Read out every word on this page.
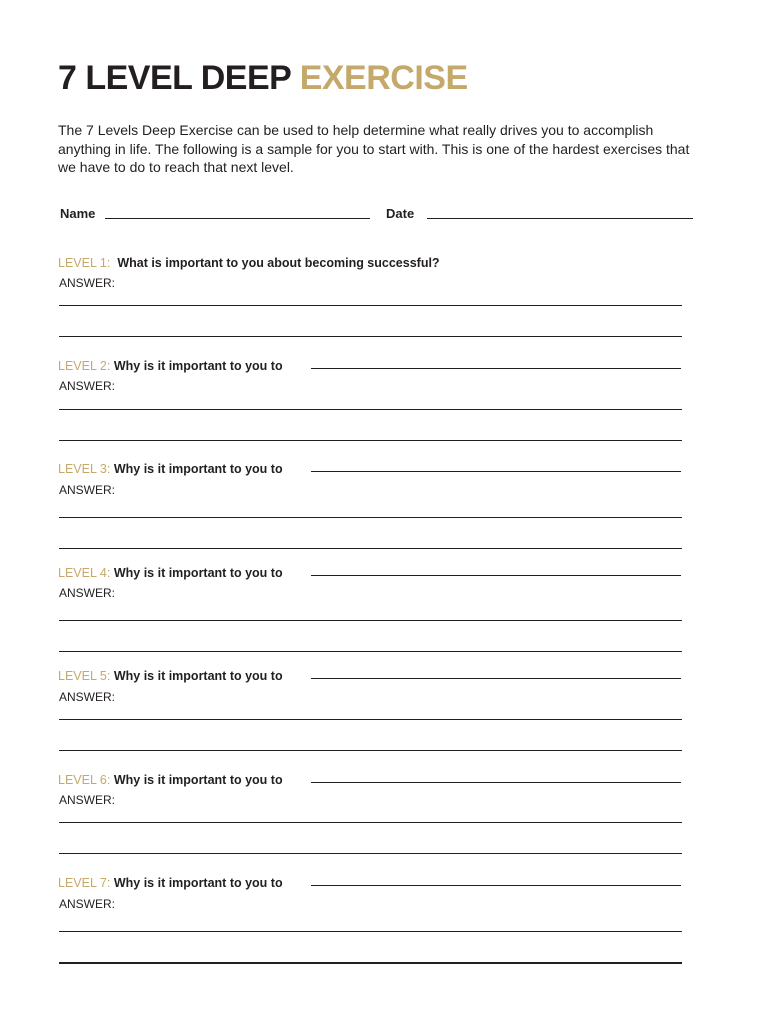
7 LEVEL DEEP EXERCISE

The 7 Levels Deep Exercise can be used to help determine what really drives you to accomplish anything in life. The following is a sample for you to start with. This is one of the hardest exercises that we have to do to reach that next level.

Name	Date
LEVEL 1: What is important to you about becoming successful?
ANSWER:
LEVEL 2: Why is it important to you to
ANSWER:
LEVEL 3: Why is it important to you to
ANSWER:
LEVEL 4: Why is it important to you to
ANSWER:
LEVEL 5: Why is it important to you to
ANSWER:
LEVEL 6: Why is it important to you to
ANSWER:
LEVEL 7: Why is it important to you to
ANSWER:
